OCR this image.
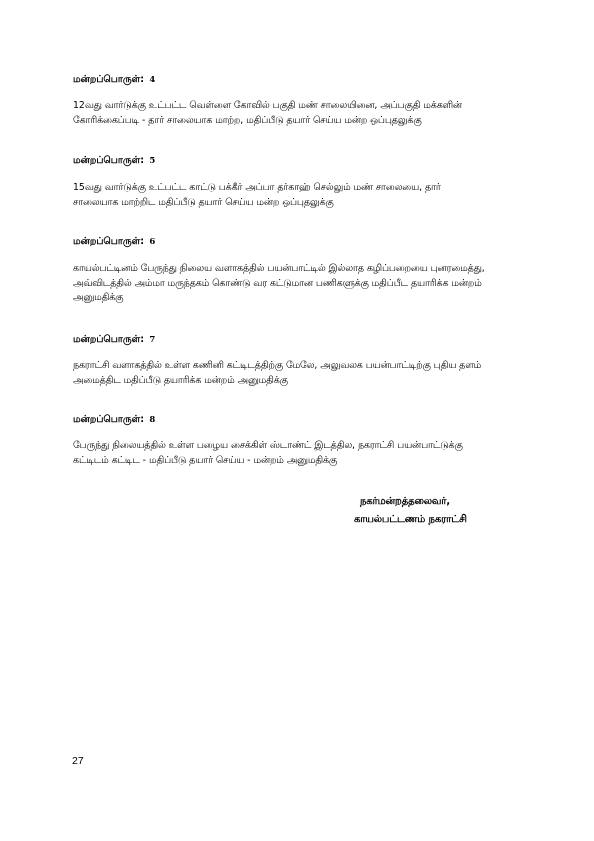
மன்றப்பொருள்: 4
12வது வார்டுக்கு உட்பட்ட வெள்ளை கோவில் பகுதி மண் சாலையினை, அப்பகுதி மக்களின்
கோரிக்கைப்படி - தார் சாலையாக மாற்ற, மதிப்பீடு தயார் செய்ய மன்ற ஒப்புதலுக்கு
மன்றப்பொருள்: 5
15வது வார்டுக்கு உட்பட்ட காட்டு பக்கீர் அப்பா தர்காஹ் செல்லும் மண் சாலையை, தார்
சாலையாக மாற்றிட மதிப்பீடு தயார் செய்ய மன்ற ஒப்புதலுக்கு
மன்றப்பொருள்: 6
காயல்பட்டினம் பேருந்து நிலைய வளாகத்தில் பயன்பாட்டில் இல்லாத கழிப்பறையை புனரமைத்து,
அவ்விடத்தில் அம்மா மருந்தகம் கொண்டு வர கட்டுமான பணிகளுக்கு மதிப்பீட தயாரிக்க மன்றம்
அனுமதிக்கு
மன்றப்பொருள்: 7
நகராட்சி வளாகத்தில் உள்ள கணினி கட்டிடத்திற்கு மேலே, அலுவலக பயன்பாட்டிற்கு புதிய தளம்
அமைத்திட மதிப்பீடு தயாரிக்க மன்றம் அனுமதிக்கு
மன்றப்பொருள்: 8
பேருந்து நிலையத்தில் உள்ள பழைய சைக்கிள் ஸ்டாண்ட் இடத்தில, நகராட்சி பயன்பாட்டுக்கு
கட்டிடம் கட்டிட - மதிப்பீடு தயார் செய்ய - மன்றம் அனுமதிக்கு
நகர்மன்றத்தலைவர்,
காயல்பட்டணம் நகராட்சி
27
